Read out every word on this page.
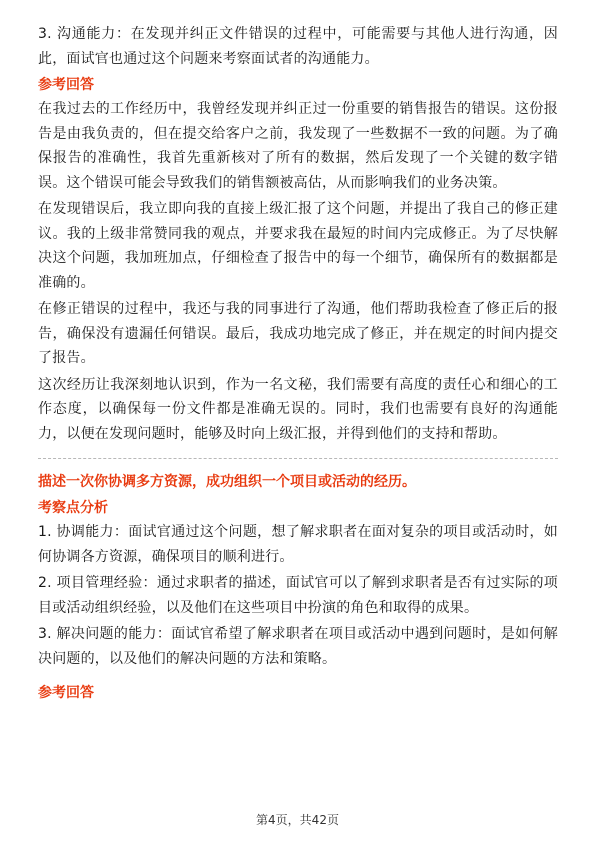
3. 沟通能力：在发现并纠正文件错误的过程中，可能需要与其他人进行沟通，因此，面试官也通过这个问题来考察面试者的沟通能力。

参考回答

在我过去的工作经历中，我曾经发现并纠正过一份重要的销售报告的错误。这份报告是由我负责的，但在提交给客户之前，我发现了一些数据不一致的问题。为了确保报告的准确性，我首先重新核对了所有的数据，然后发现了一个关键的数字错误。这个错误可能会导致我们的销售额被高估，从而影响我们的业务决策。

在发现错误后，我立即向我的直接上级汇报了这个问题，并提出了我自己的修正建议。我的上级非常赞同我的观点，并要求我在最短的时间内完成修正。为了尽快解决这个问题，我加班加点，仔细检查了报告中的每一个细节，确保所有的数据都是准确的。

在修正错误的过程中，我还与我的同事进行了沟通，他们帮助我检查了修正后的报告，确保没有遗漏任何错误。最后，我成功地完成了修正，并在规定的时间内提交了报告。

这次经历让我深刻地认识到，作为一名文秘，我们需要有高度的责任心和细心的工作态度，以确保每一份文件都是准确无误的。同时，我们也需要有良好的沟通能力，以便在发现问题时，能够及时向上级汇报，并得到他们的支持和帮助。

描述一次你协调多方资源，成功组织一个项目或活动的经历。
考察点分析

1. 协调能力：面试官通过这个问题，想了解求职者在面对复杂的项目或活动时，如何协调各方资源，确保项目的顺利进行。

2. 项目管理经验：通过求职者的描述，面试官可以了解到求职者是否有过实际的项目或活动组织经验，以及他们在这些项目中扮演的角色和取得的成果。

3. 解决问题的能力：面试官希望了解求职者在项目或活动中遇到问题时，是如何解决问题的，以及他们的解决问题的方法和策略。

参考回答
第4页，共42页
